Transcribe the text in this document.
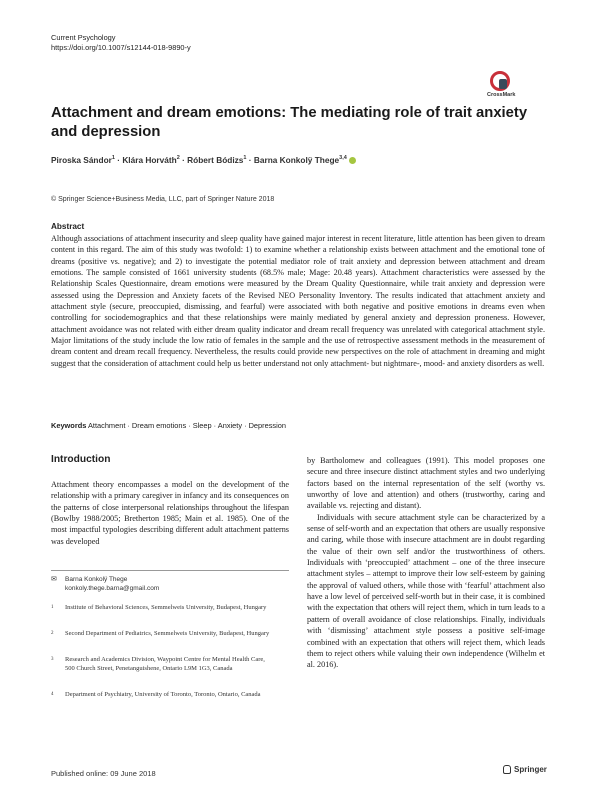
Current Psychology
https://doi.org/10.1007/s12144-018-9890-y
CrossMark
Attachment and dream emotions: The mediating role of trait anxiety and depression
Piroska Sándor$^1$ · Klára Horváth$^2$ · Róbert Bódizs$^1$ · Barna Konkolÿ Thege$^{3,4}$
© Springer Science+Business Media, LLC, part of Springer Nature 2018
Abstract
Although associations of attachment insecurity and sleep quality have gained major interest in recent literature, little attention has been given to dream content in this regard. The aim of this study was twofold: 1) to examine whether a relationship exists between attachment and the emotional tone of dreams (positive vs. negative); and 2) to investigate the potential mediator role of trait anxiety and depression between attachment and dream emotions. The sample consisted of 1661 university students (68.5% male; Mage: 20.48 years). Attachment characteristics were assessed by the Relationship Scales Questionnaire, dream emotions were measured by the Dream Quality Questionnaire, while trait anxiety and depression were assessed using the Depression and Anxiety facets of the Revised NEO Personality Inventory. The results indicated that attachment anxiety and attachment style (secure, preoccupied, dismissing, and fearful) were associated with both negative and positive emotions in dreams even when controlling for sociodemographics and that these relationships were mainly mediated by general anxiety and depression proneness. However, attachment avoidance was not related with either dream quality indicator and dream recall frequency was unrelated with categorical attachment style. Major limitations of the study include the low ratio of females in the sample and the use of retrospective assessment methods in the measurement of dream content and dream recall frequency. Nevertheless, the results could provide new perspectives on the role of attachment in dreaming and might suggest that the consideration of attachment could help us better understand not only attachment- but nightmare-, mood- and anxiety disorders as well.
Keywords Attachment · Dream emotions · Sleep · Anxiety · Depression
Introduction
Attachment theory encompasses a model on the development of the relationship with a primary caregiver in infancy and its consequences on the patterns of close interpersonal relationships throughout the lifespan (Bowlby 1988/2005; Bretherton 1985; Main et al. 1985). One of the most impactful typologies describing different adult attachment patterns was developed
by Bartholomew and colleagues (1991). This model proposes one secure and three insecure distinct attachment styles and two underlying factors based on the internal representation of the self (worthy vs. unworthy of love and attention) and others (trustworthy, caring and available vs. rejecting and distant).
Individuals with secure attachment style can be characterized by a sense of self-worth and an expectation that others are usually responsive and caring, while those with insecure attachment are in doubt regarding the value of their own self and/or the trustworthiness of others. Individuals with ‘preoccupied’ attachment – one of the three insecure attachment styles – attempt to improve their low self-esteem by gaining the approval of valued others, while those with ‘fearful’ attachment also have a low level of perceived self-worth but in their case, it is combined with the expectation that others will reject them, which in turn leads to a pattern of overall avoidance of close relationships. Finally, individuals with ‘dismissing’ attachment style possess a positive self-image combined with an expectation that others will reject them, which leads them to reject others while valuing their own independence (Wilhelm et al. 2016).
✉ Barna Konkolÿ Thege
konkoly.thege.barna@gmail.com
1 Institute of Behavioral Sciences, Semmelweis University, Budapest, Hungary
2 Second Department of Pediatrics, Semmelweis University, Budapest, Hungary
3 Research and Academics Division, Waypoint Centre for Mental Health Care, 500 Church Street, Penetanguishene, Ontario L9M 1G3, Canada
4 Department of Psychiatry, University of Toronto, Toronto, Ontario, Canada
Published online: 09 June 2018	Springer
